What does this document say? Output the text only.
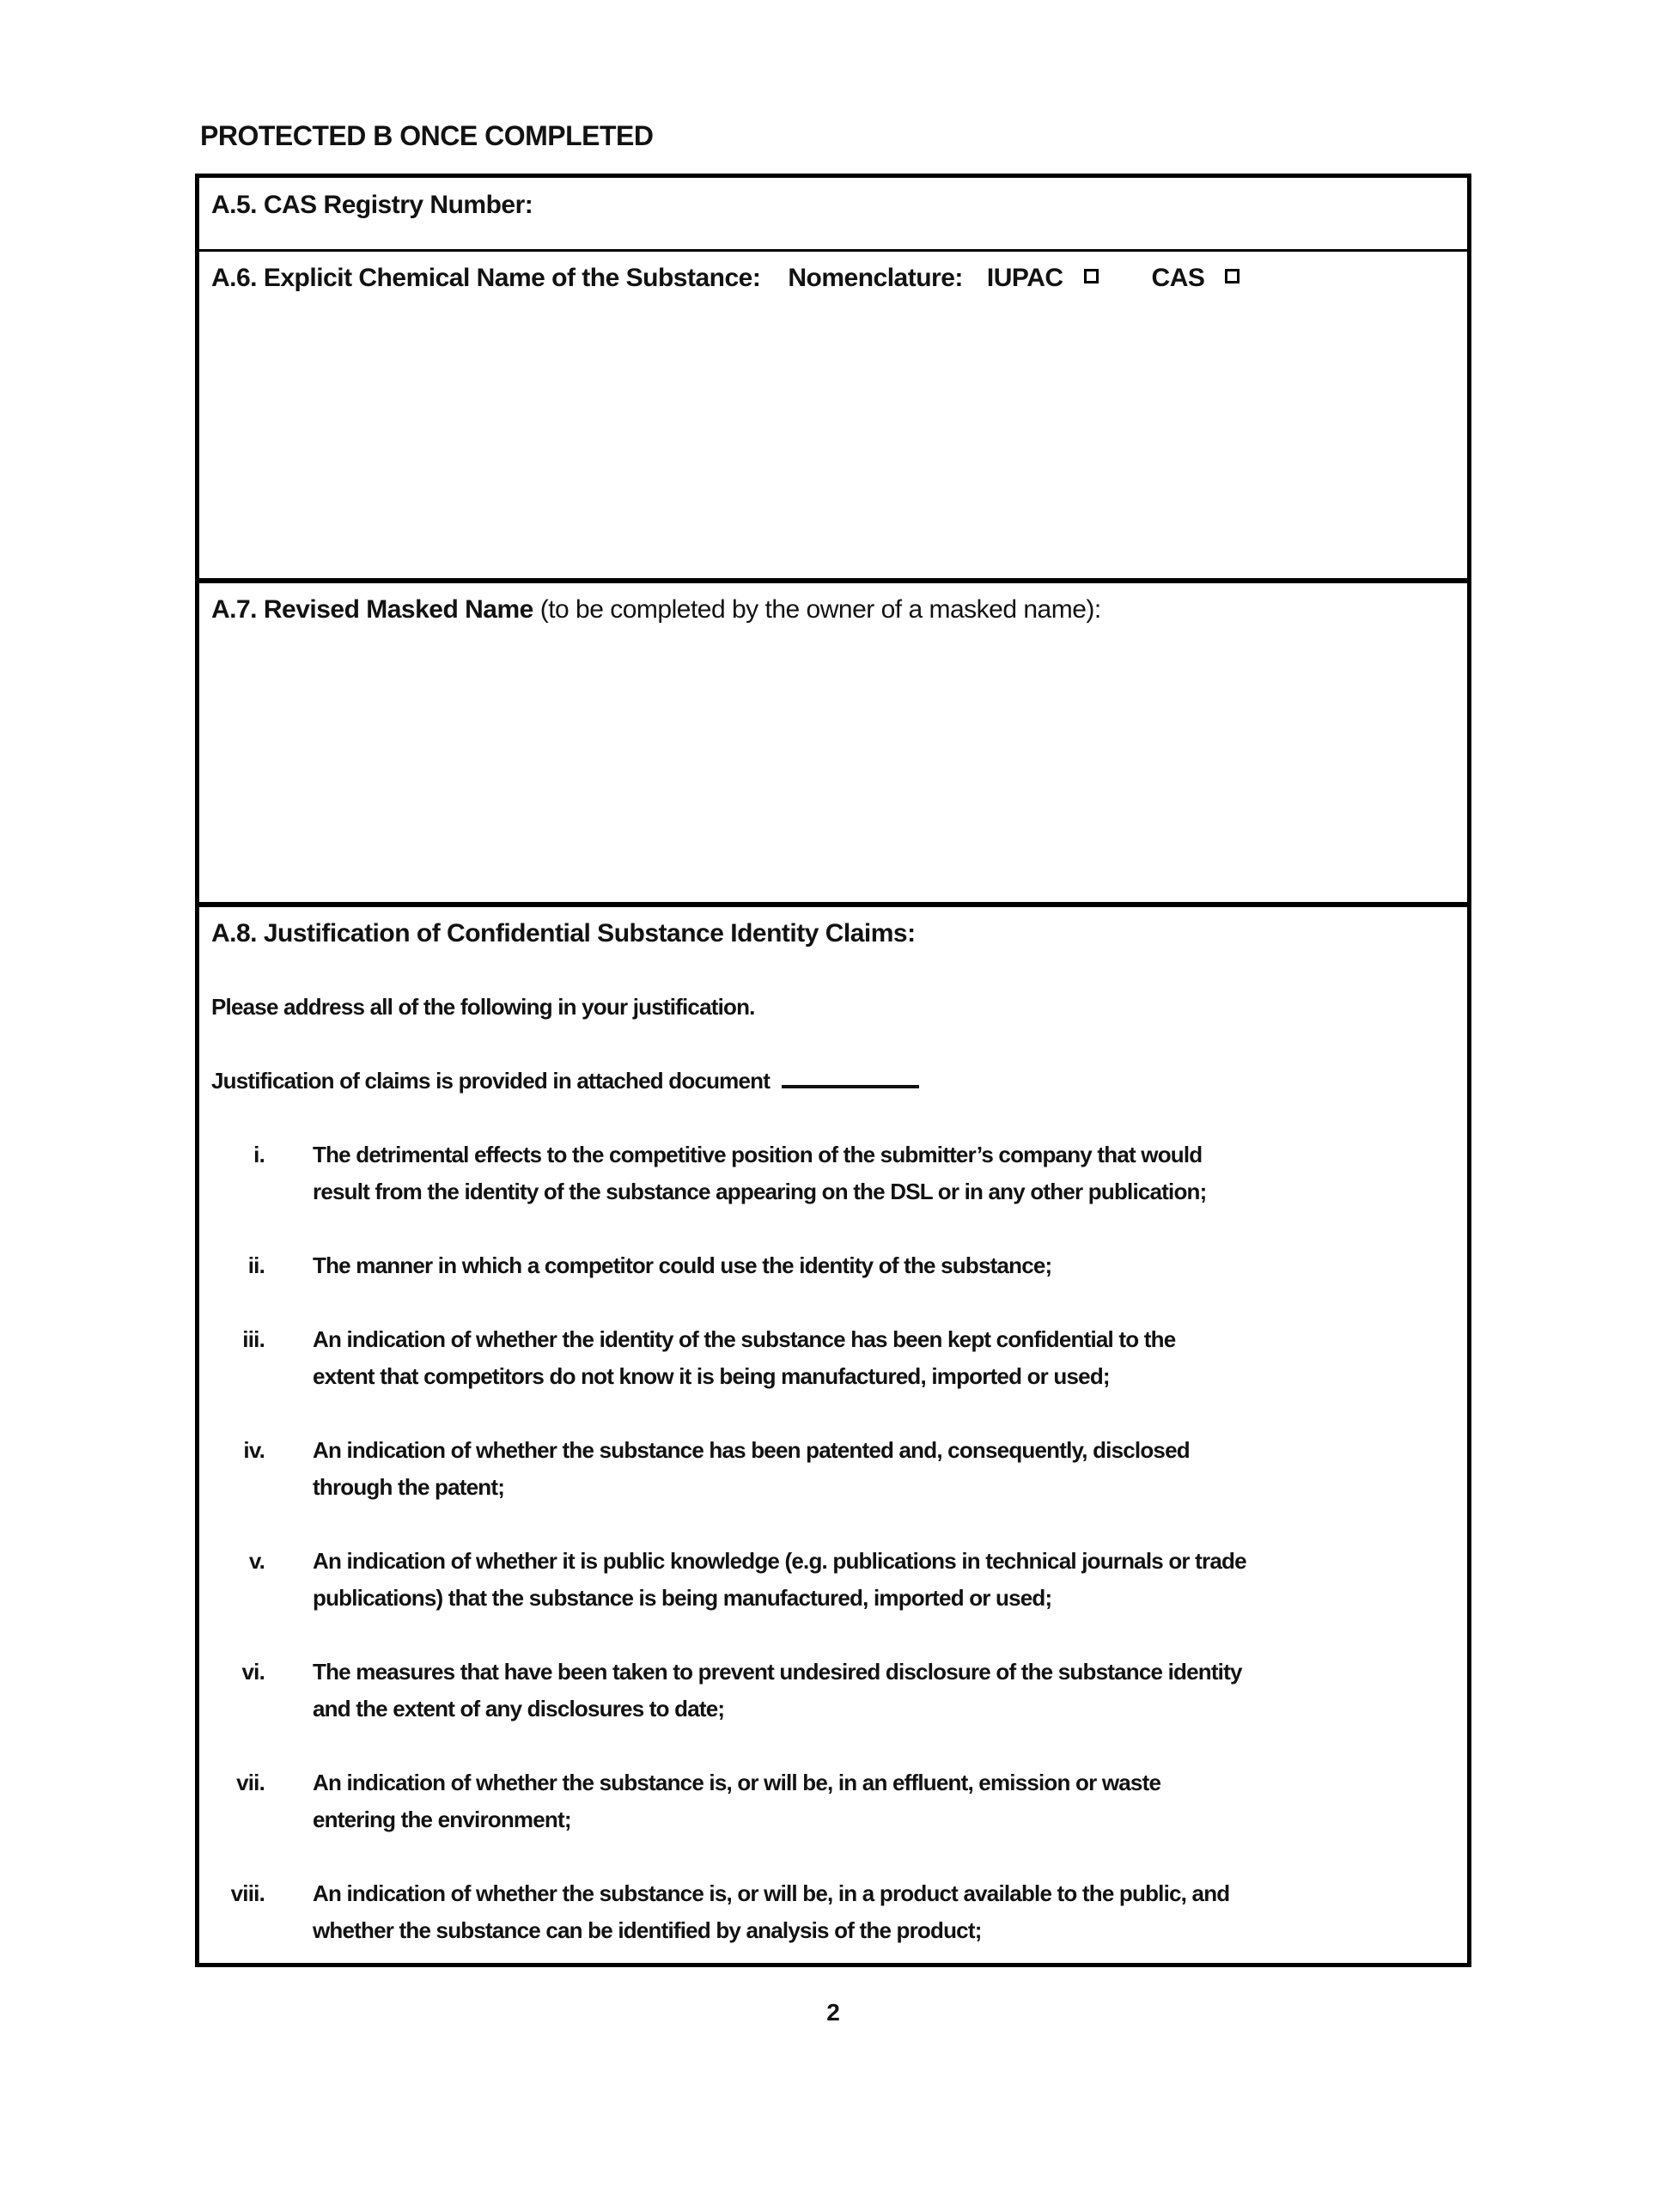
PROTECTED B ONCE COMPLETED
A.5. CAS Registry Number:
A.6. Explicit Chemical Name of the Substance: Nomenclature: IUPAC	CAS
A.7. Revised Masked Name (to be completed by the owner of a masked name):
A.8. Justification of Confidential Substance Identity Claims:
Please address all of the following in your justification.
Justification of claims is provided in attached document
i. The detrimental effects to the competitive position of the submitter’s company that would
result from the identity of the substance appearing on the DSL or in any other publication;
ii. The manner in which a competitor could use the identity of the substance;
iii. An indication of whether the identity of the substance has been kept confidential to the
extent that competitors do not know it is being manufactured, imported or used;
iv. An indication of whether the substance has been patented and, consequently, disclosed
through the patent;
v. An indication of whether it is public knowledge (e.g. publications in technical journals or trade
publications) that the substance is being manufactured, imported or used;
vi. The measures that have been taken to prevent undesired disclosure of the substance identity
and the extent of any disclosures to date;
vii. An indication of whether the substance is, or will be, in an effluent, emission or waste
entering the environment;
viii. An indication of whether the substance is, or will be, in a product available to the public, and
whether the substance can be identified by analysis of the product;
2
